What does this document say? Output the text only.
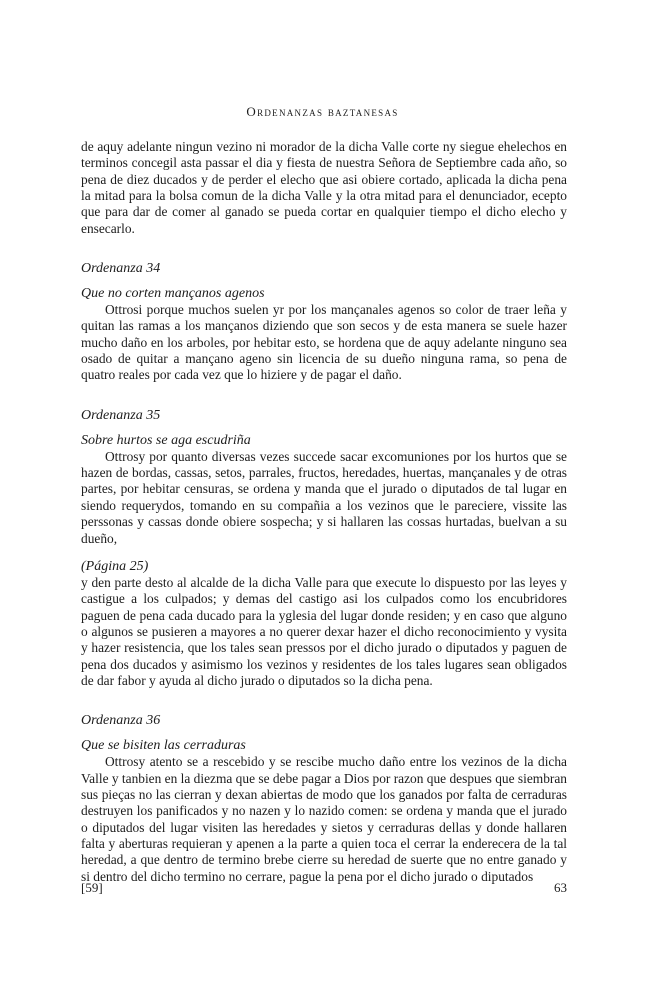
Ordenanzas baztanesas

de aquy adelante ningun vezino ni morador de la dicha Valle corte ny siegue ehelechos en terminos concegil asta passar el dia y fiesta de nuestra Señora de Septiembre cada año, so pena de diez ducados y de perder el elecho que asi obiere cortado, aplicada la dicha pena la mitad para la bolsa comun de la dicha Valle y la otra mitad para el denunciador, ecepto que para dar de comer al ganado se pueda cortar en qualquier tiempo el dicho elecho y ensecarlo.

Ordenanza 34

Que no corten mançanos agenos

Ottrosi porque muchos suelen yr por los mançanales agenos so color de traer leña y quitan las ramas a los mançanos diziendo que son secos y de esta manera se suele hazer mucho daño en los arboles, por hebitar esto, se hordena que de aquy adelante ninguno sea osado de quitar a mançano ageno sin licencia de su dueño ninguna rama, so pena de quatro reales por cada vez que lo hiziere y de pagar el daño.

Ordenanza 35

Sobre hurtos se aga escudriña

Ottrosy por quanto diversas vezes succede sacar excomuniones por los hurtos que se hazen de bordas, cassas, setos, parrales, fructos, heredades, huertas, mançanales y de otras partes, por hebitar censuras, se ordena y manda que el jurado o diputados de tal lugar en siendo requerydos, tomando en su compañia a los vezinos que le pareciere, vissite las perssonas y cassas donde obiere sospecha; y si hallaren las cossas hurtadas, buelvan a su dueño,

(Página 25)

y den parte desto al alcalde de la dicha Valle para que execute lo dispuesto por las leyes y castigue a los culpados; y demas del castigo asi los culpados como los encubridores paguen de pena cada ducado para la yglesia del lugar donde residen; y en caso que alguno o algunos se pusieren a mayores a no querer dexar hazer el dicho reconocimiento y vysita y hazer resistencia, que los tales sean pressos por el dicho jurado o diputados y paguen de pena dos ducados y asimismo los vezinos y residentes de los tales lugares sean obligados de dar fabor y ayuda al dicho jurado o diputados so la dicha pena.

Ordenanza 36

Que se bisiten las cerraduras

Ottrosy atento se a rescebido y se rescibe mucho daño entre los vezinos de la dicha Valle y tanbien en la diezma que se debe pagar a Dios por razon que despues que siembran sus pieças no las cierran y dexan abiertas de modo que los ganados por falta de cerraduras destruyen los panificados y no nazen y lo nazido comen: se ordena y manda que el jurado o diputados del lugar visiten las heredades y sietos y cerraduras dellas y donde hallaren falta y aberturas requieran y apenen a la parte a quien toca el cerrar la enderecera de la tal heredad, a que dentro de termino brebe cierre su heredad de suerte que no entre ganado y si dentro del dicho termino no cerrare, pague la pena por el dicho jurado o diputados

[59]	63
